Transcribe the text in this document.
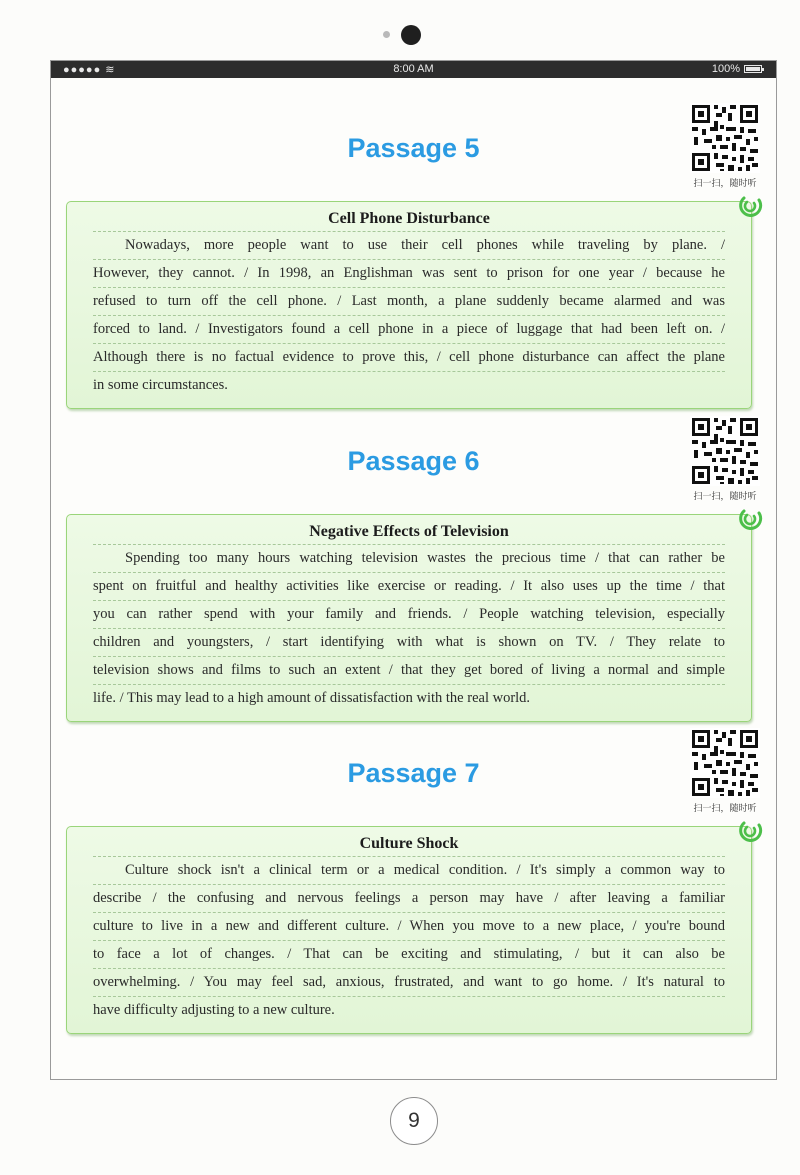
●●●●● ≋	8:00 AM	100%
Passage 5
扫一扫，随时听
Cell Phone Disturbance
Nowadays, more people want to use their cell phones while traveling by plane. /
However, they cannot. / In 1998, an Englishman was sent to prison for one year / because he
refused to turn off the cell phone. / Last month, a plane suddenly became alarmed and was
forced to land. / Investigators found a cell phone in a piece of luggage that had been left on. /
Although there is no factual evidence to prove this, / cell phone disturbance can affect the plane
in some circumstances.
Passage 6
扫一扫，随时听
Negative Effects of Television
Spending too many hours watching television wastes the precious time / that can rather be
spent on fruitful and healthy activities like exercise or reading. / It also uses up the time / that
you can rather spend with your family and friends. / People watching television, especially
children and youngsters, / start identifying with what is shown on TV. / They relate to
television shows and films to such an extent / that they get bored of living a normal and simple
life. / This may lead to a high amount of dissatisfaction with the real world.
Passage 7
扫一扫，随时听
Culture Shock
Culture shock isn't a clinical term or a medical condition. / It's simply a common way to
describe / the confusing and nervous feelings a person may have / after leaving a familiar
culture to live in a new and different culture. / When you move to a new place, / you're bound
to face a lot of changes. / That can be exciting and stimulating, / but it can also be
overwhelming. / You may feel sad, anxious, frustrated, and want to go home. / It's natural to
have difficulty adjusting to a new culture.
9
